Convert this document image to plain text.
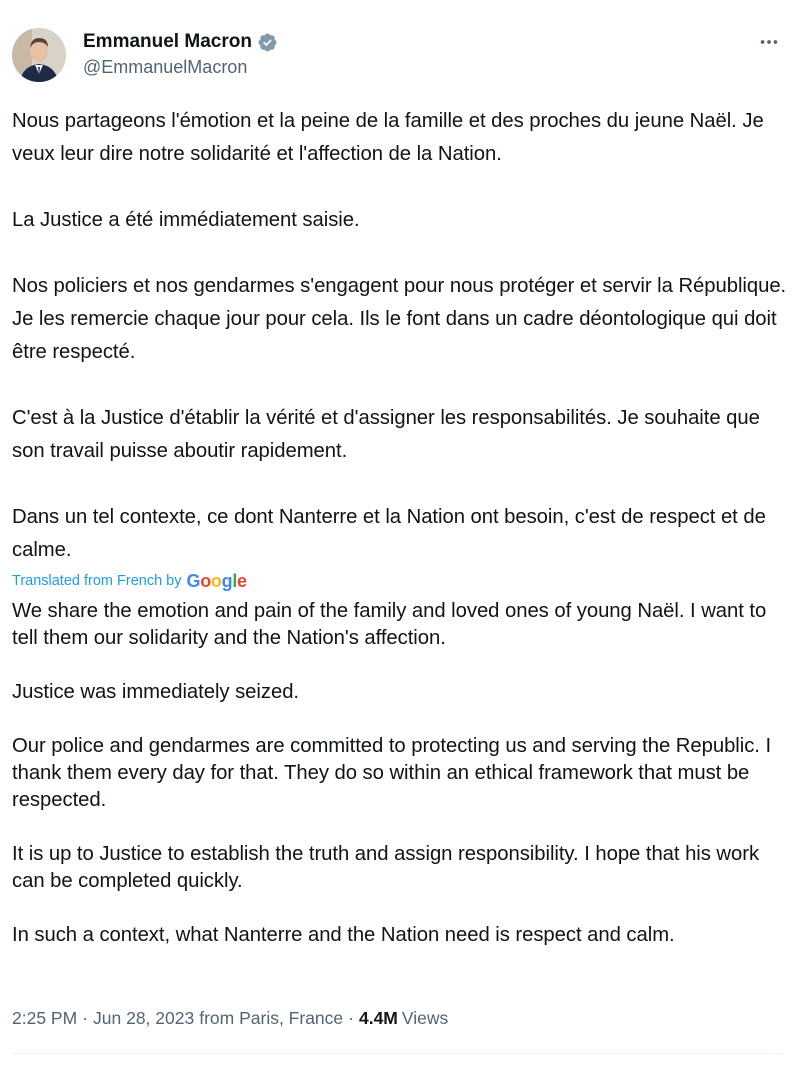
Emmanuel Macron
@EmmanuelMacron
Nous partageons l'émotion et la peine de la famille et des proches du jeune Naël. Je veux leur dire notre solidarité et l'affection de la Nation.

La Justice a été immédiatement saisie.

Nos policiers et nos gendarmes s'engagent pour nous protéger et servir la République. Je les remercie chaque jour pour cela. Ils le font dans un cadre déontologique qui doit être respecté.

C'est à la Justice d'établir la vérité et d'assigner les responsabilités. Je souhaite que son travail puisse aboutir rapidement.

Dans un tel contexte, ce dont Nanterre et la Nation ont besoin, c'est de respect et de calme.
Translated from French by Google
We share the emotion and pain of the family and loved ones of young Naël. I want to tell them our solidarity and the Nation's affection.

Justice was immediately seized.

Our police and gendarmes are committed to protecting us and serving the Republic. I thank them every day for that. They do so within an ethical framework that must be respected.

It is up to Justice to establish the truth and assign responsibility. I hope that his work can be completed quickly.

In such a context, what Nanterre and the Nation need is respect and calm.
2:25 PM · Jun 28, 2023 from Paris, France · 4.4M Views
